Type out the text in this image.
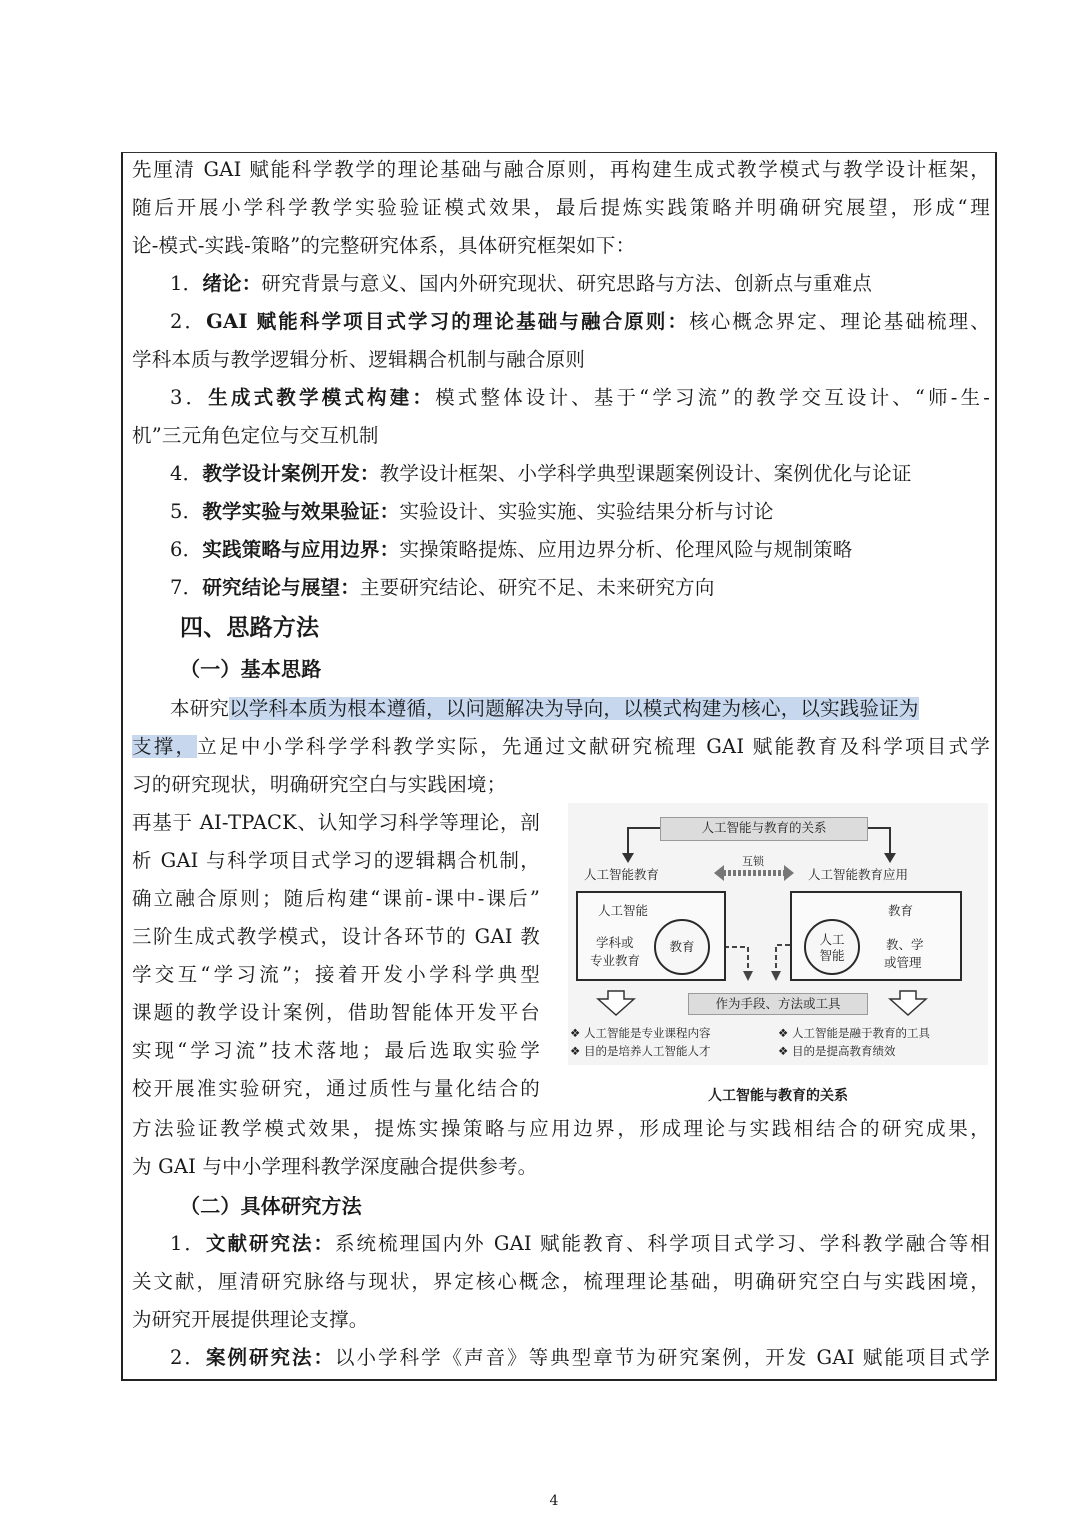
先厘清 GAI 赋能科学教学的理论基础与融合原则，再构建生成式教学模式与教学设计框架，
随后开展小学科学教学实验验证模式效果，最后提炼实践策略并明确研究展望，形成“理
论-模式-实践-策略”的完整研究体系，具体研究框架如下：
1．绪论：研究背景与意义、国内外研究现状、研究思路与方法、创新点与重难点
2．GAI 赋能科学项目式学习的理论基础与融合原则：核心概念界定、理论基础梳理、
学科本质与教学逻辑分析、逻辑耦合机制与融合原则
3．生成式教学模式构建：模式整体设计、基于“学习流”的教学交互设计、“师-生-
机”三元角色定位与交互机制
4．教学设计案例开发：教学设计框架、小学科学典型课题案例设计、案例优化与论证
5．教学实验与效果验证：实验设计、实验实施、实验结果分析与讨论
6．实践策略与应用边界：实操策略提炼、应用边界分析、伦理风险与规制策略
7．研究结论与展望：主要研究结论、研究不足、未来研究方向
四、思路方法
（一）基本思路
本研究以学科本质为根本遵循，以问题解决为导向，以模式构建为核心，以实践验证为
支撑，立足中小学科学学科教学实际，先通过文献研究梳理 GAI 赋能教育及科学项目式学
习的研究现状，明确研究空白与实践困境；
再基于 AI-TPACK、认知学习科学等理论，剖
析 GAI 与科学项目式学习的逻辑耦合机制，
确立融合原则；随后构建“课前-课中-课后”
三阶生成式教学模式，设计各环节的 GAI 教
学交互“学习流”；接着开发小学科学典型
课题的教学设计案例，借助智能体开发平台
实现“学习流”技术落地；最后选取实验学
校开展准实验研究，通过质性与量化结合的
方法验证教学模式效果，提炼实操策略与应用边界，形成理论与实践相结合的研究成果，
为 GAI 与中小学理科教学深度融合提供参考。
（二）具体研究方法
1．文献研究法：系统梳理国内外 GAI 赋能教育、科学项目式学习、学科教学融合等相
关文献，厘清研究脉络与现状，界定核心概念，梳理理论基础，明确研究空白与实践困境，
为研究开展提供理论支撑。
2．案例研究法：以小学科学《声音》等典型章节为研究案例，开发 GAI 赋能项目式学
人工智能与教育的关系
人工智能教育	人工智能教育应用
互锁
人工智能
学科或
专业教育
教育
教育
人工
智能
教、学
或管理
作为手段、方法或工具
❖ 人工智能是专业课程内容
❖ 目的是培养人工智能人才
❖ 人工智能是融于教育的工具
❖ 目的是提高教育绩效
人工智能与教育的关系
4
